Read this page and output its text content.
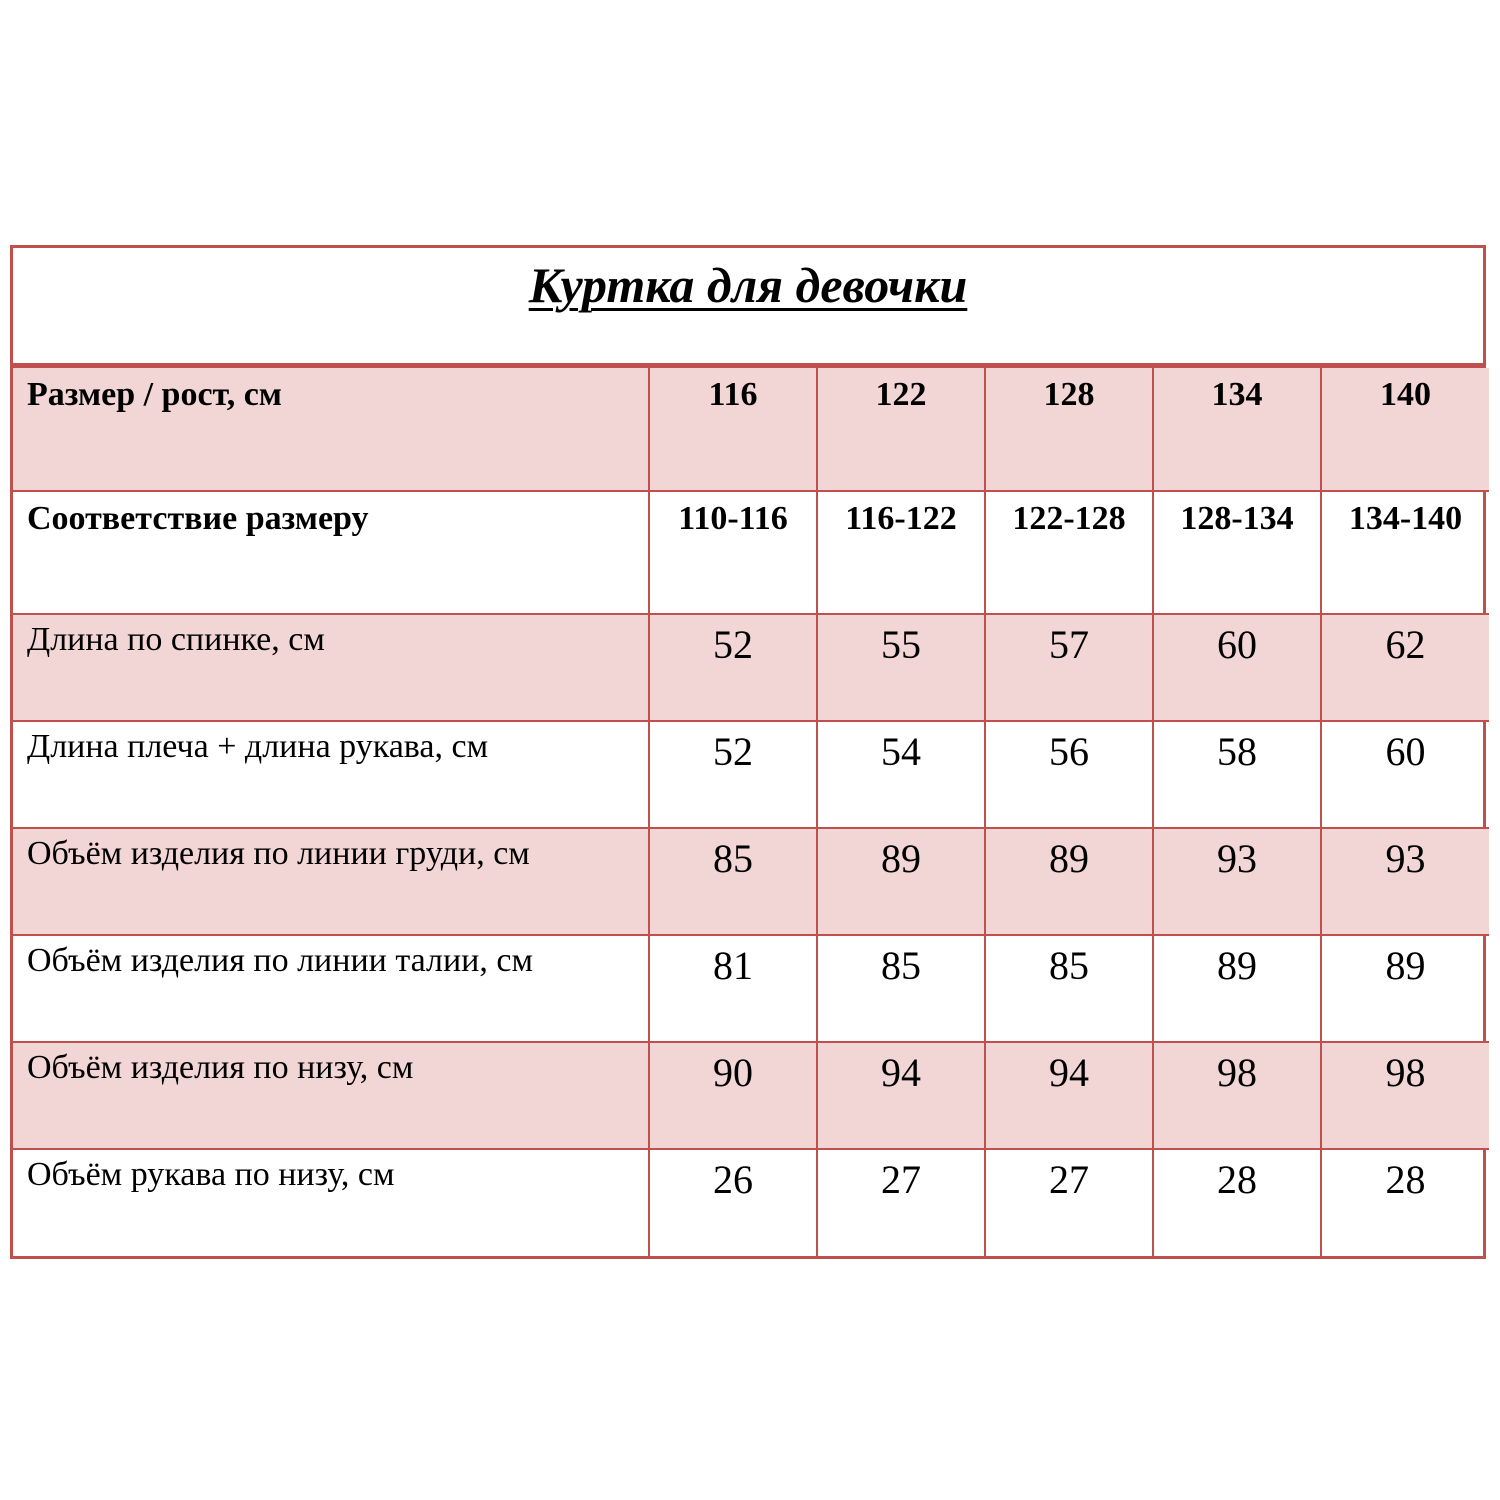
Куртка для девочки
Размер / рост, см	116	122	128	134	140
Соответствие размеру	110-116	116-122	122-128	128-134	134-140
Длина по спинке, см	52	55	57	60	62
Длина плеча + длина рукава, см	52	54	56	58	60
Объём изделия по линии груди, см	85	89	89	93	93
Объём изделия по линии талии, см	81	85	85	89	89
Объём изделия по низу, см	90	94	94	98	98
Объём рукава по низу, см	26	27	27	28	28
